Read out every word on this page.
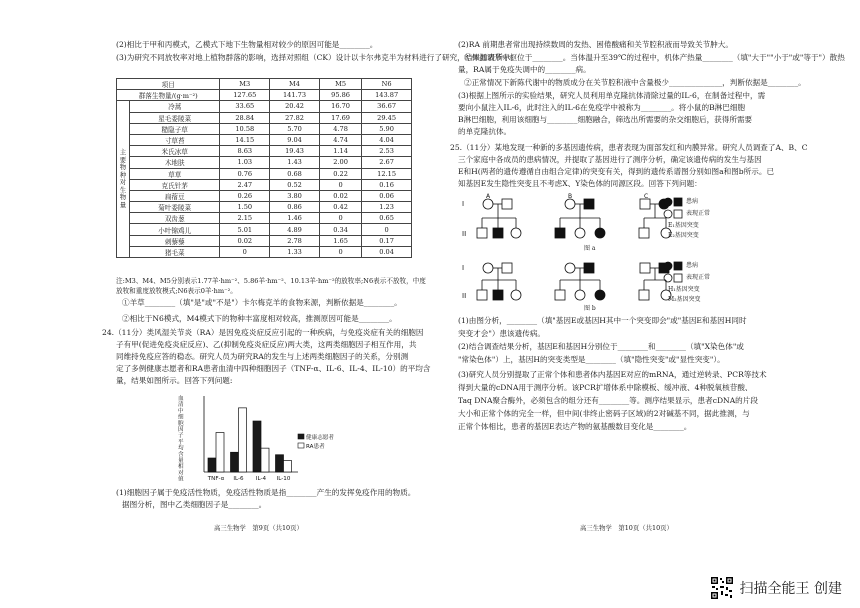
(2)相比于甲和丙模式，乙模式下地下生物量相对较少的原因可能是________。
(3)为研究不同放牧率对地上植物群落的影响，选择对照组（CK）设计以卡尔弗克半为材料进行了研究，结果如表所示。
项目		M3	M4	M5	N6
群落生物量/(g·m⁻²)		127.65	141.73	95.86	143.87

主要物种对生物量	冷蒿	33.65	20.42	16.70	36.67
	星毛委陵菜	28.84	27.82	17.69	29.45
	糙隐子草	10.58	5.70	4.78	5.90
	寸草苔	14.15	9.04	4.74	4.04
	米氏冰草	8.63	19.43	1.14	2.53
	木地肤	1.03	1.43	2.00	2.67
	草草	0.76	0.68	0.22	12.15
	克氏针茅	2.47	0.52	0	0.16
	扁蓿豆	0.26	3.80	0.02	0.06
	菊叶委陵菜	1.50	0.86	0.42	1.23
	双齿葱	2.15	1.46	0	0.65
	小叶锦鸡儿	5.01	4.89	0.34	0
	刺藜藜	0.02	2.78	1.65	0.17
	猪毛菜	0	1.33	0	0.04
注:M3、M4、M5分别表示1.77羊·hm⁻²、5.86羊·hm⁻²、10.13羊·hm⁻²的放牧率;N6表示不放牧，中度
放牧和重度放牧模式;N6表示0羊·hm⁻²。
①羊草________（填"是"或"不是"）卡尔梅克羊的食物来源，判断依据是________。
②相比于N6模式，M4模式下的物种丰富度相对较高，推测原因可能是________。
24.（11分）类风湿关节炎（RA）是因免疫炎症反应引起的一种疾病，与免疫炎症有关的细胞因
子有甲(促进免疫炎症反应)、乙(抑制免疫炎症反应)两大类，这两类细胞因子相互作用，共
同维持免疫应答的稳态。研究人员为研究RA的发生与上述两类细胞因子的关系，分别测
定了多例健康志愿者和RA患者血清中四种细胞因子（TNF-α、IL-6、IL-4、IL-10）的平均含
量，结果如图所示。回答下列问题:
血清中细胞因子平均含量相对值	TNF-α IL-6 IL-4 IL-10
健康志愿者
RA患者
(1)细胞因子属于免疫活性物质，免疫活性物质是指________产生的发挥免疫作用的物质。
据图分析，图中乙类细胞因子是________。
高三生物学　第9页（共10页）
(2)RA 前期患者常出现持续数周的发热、困倦酸痛和关节腔积液而导致关节肿大。
①体温调节中枢位于________。当体温升至39℃的过程中，机体产热量________（填"大于""小于"或"等于"）散热
量，RA属于免疫失调中的________病。
②正常情况下新陈代谢中的物质成分在关节腔积液中含量极少______________，判断依据是________。
(3)根据上图所示的实验结果，研究人员利用单克隆抗体清除过量的IL-6，在制备过程中，需
要向小鼠注入IL-6，此时注入的IL-6在免疫学中被称为________。将小鼠的B淋巴细胞
B淋巴细胞，利用该细胞与________细胞融合，筛选出所需要的杂交细胞后，获得所需要
的单克隆抗体。
25.（11分）某地发现一种新的多基因遗传病，患者表现为面部发红和内膜异常。研究人员调查了A、B、C
三个家庭中各成员的患病情况，并提取了基因进行了测序分析，确定该遗传病的发生与基因
E和H(两者的遗传遵循自由组合定律)的突变有关，得到的遗传系谱图分别如图a和图b所示。已
知基因E发生隐性突变且不考虑X、Y染色体的同源区段。回答下列问题：
I
II
A	B	C
患病
表现正常
E₁基因突变
E₂基因突变
图 a
I
II
患病
表现正常
H₁基因突变
M₂基因突变
图 b
(1)由图分析，________（填"基因E或基因H其中一个突变即会"或"基因E和基因H同时
突变才会"）患该遗传病。
(2)结合调查结果分析，基因E和基因H分别位于________和________（填"X染色体"或
"常染色体"）上，基因H的突变类型是________（填"隐性突变"或"显性突变"）。
(3)研究人员分别提取了正常个体和患者体内基因E对应的mRNA，通过逆转录、PCR等技术
得到大量的cDNA用于测序分析。该PCR扩增体系中除模板、缓冲液、4种脱氧核苷酸、
Taq DNA聚合酶外，必须包含的组分还有________等。测序结果显示，患者cDNA的片段
大小和正常个体的完全一样，但中间(非终止密码子区域)的2对碱基不同，据此推测，与
正常个体相比，患者的基因E表达产物的氨基酸数目变化是________。
高三生物学　第10页（共10页）
扫描全能王 创建
